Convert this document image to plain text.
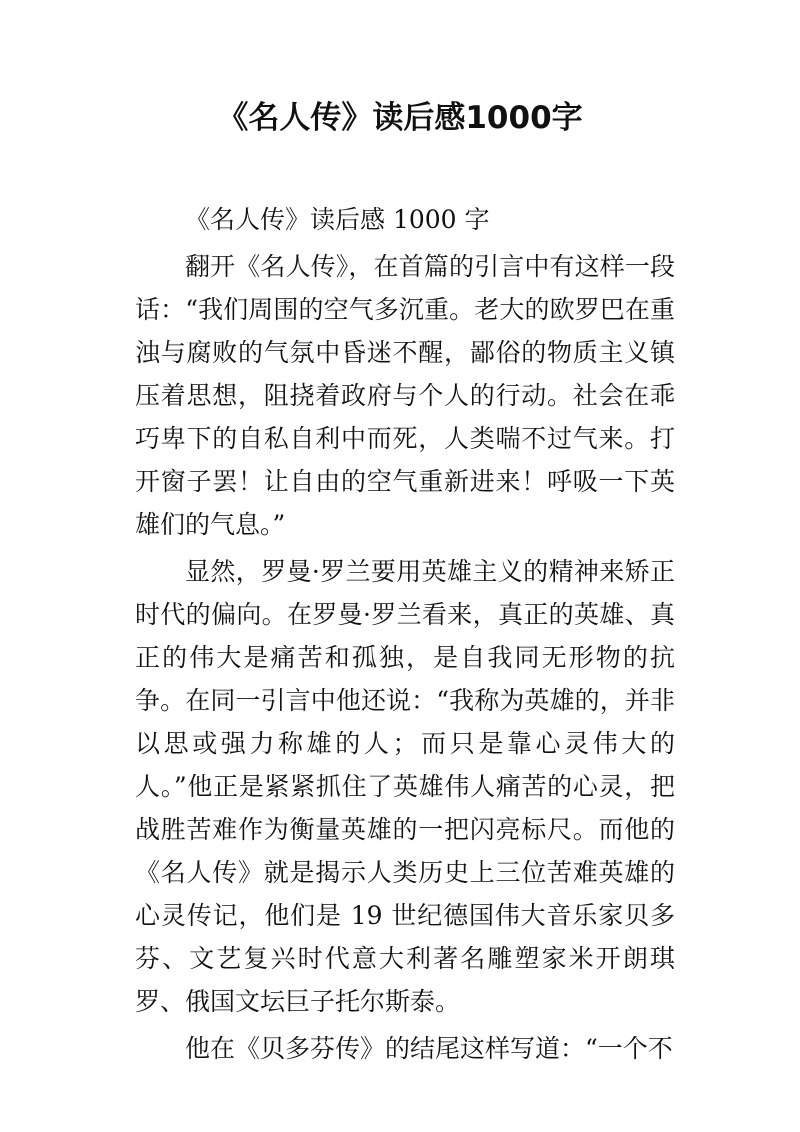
《名人传》读后感1000字

《名人传》读后感 1000 字

翻开《名人传》，在首篇的引言中有这样一段话：“我们周围的空气多沉重。老大的欧罗巴在重浊与腐败的气氛中昏迷不醒，鄙俗的物质主义镇压着思想，阻挠着政府与个人的行动。社会在乖巧卑下的自私自利中而死，人类喘不过气来。打开窗子罢！让自由的空气重新进来！呼吸一下英雄们的气息。”

显然，罗曼·罗兰要用英雄主义的精神来矫正时代的偏向。在罗曼·罗兰看来，真正的英雄、真正的伟大是痛苦和孤独，是自我同无形物的抗争。在同一引言中他还说：“我称为英雄的，并非以思或强力称雄的人；而只是靠心灵伟大的人。”他正是紧紧抓住了英雄伟人痛苦的心灵，把战胜苦难作为衡量英雄的一把闪亮标尺。而他的《名人传》就是揭示人类历史上三位苦难英雄的心灵传记，他们是 19 世纪德国伟大音乐家贝多芬、文艺复兴时代意大利著名雕塑家米开朗琪罗、俄国文坛巨子托尔斯泰。

他在《贝多芬传》的结尾这样写道：“一个不
